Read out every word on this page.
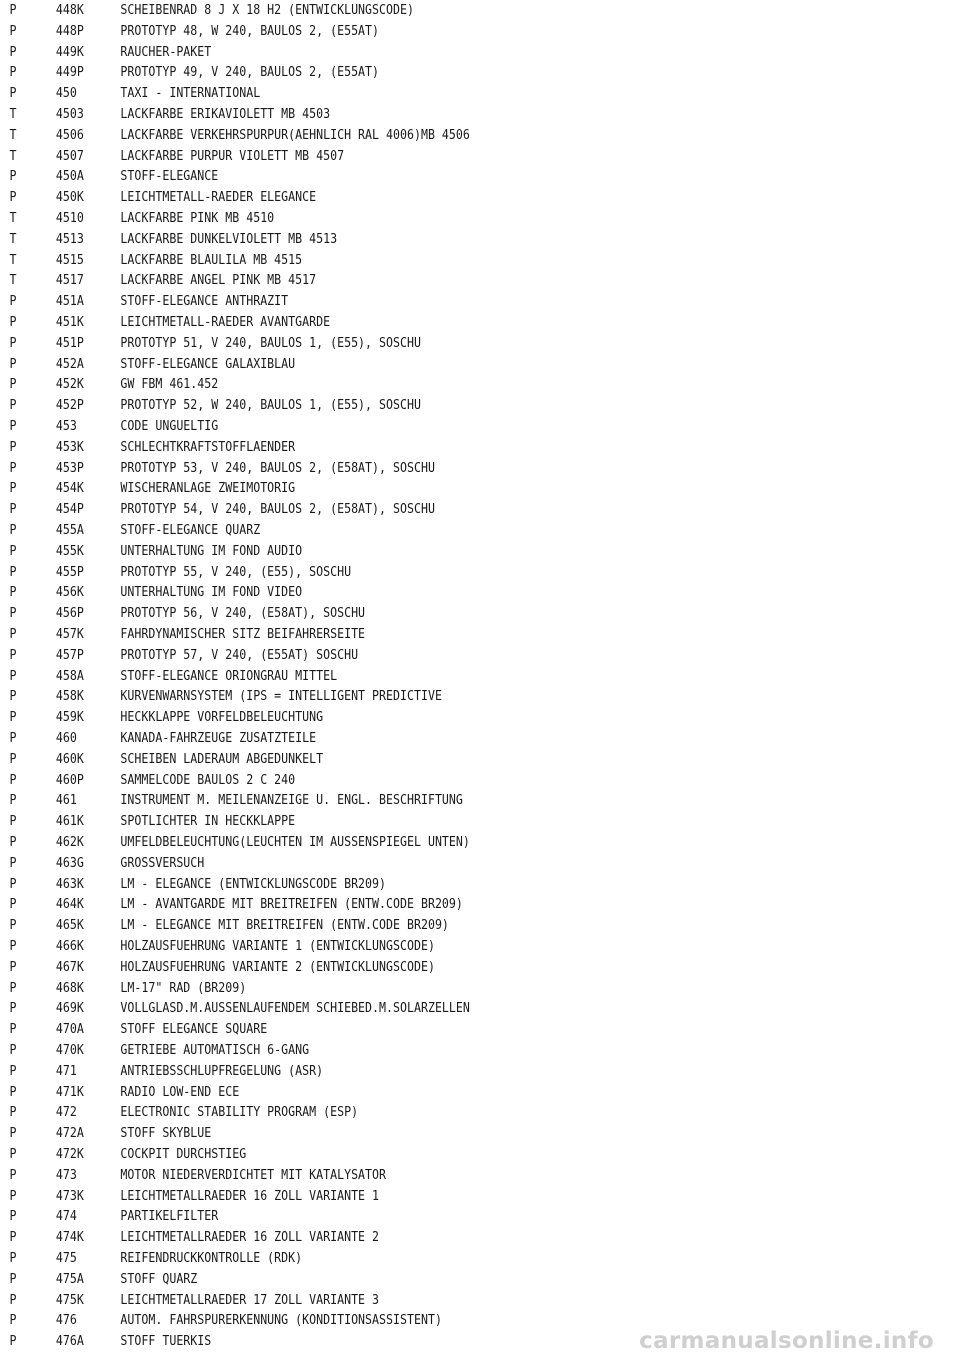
P	448K	SCHEIBENRAD 8 J X 18 H2 (ENTWICKLUNGSCODE)
P	448P	PROTOTYP 48, W 240, BAULOS 2, (E55AT)
P	449K	RAUCHER-PAKET
P	449P	PROTOTYP 49, V 240, BAULOS 2, (E55AT)
P	450	TAXI - INTERNATIONAL
T	4503	LACKFARBE ERIKAVIOLETT MB 4503
T	4506	LACKFARBE VERKEHRSPURPUR(AEHNLICH RAL 4006)MB 4506
T	4507	LACKFARBE PURPUR VIOLETT MB 4507
P	450A	STOFF-ELEGANCE
P	450K	LEICHTMETALL-RAEDER ELEGANCE
T	4510	LACKFARBE PINK MB 4510
T	4513	LACKFARBE DUNKELVIOLETT MB 4513
T	4515	LACKFARBE BLAULILA MB 4515
T	4517	LACKFARBE ANGEL PINK MB 4517
P	451A	STOFF-ELEGANCE ANTHRAZIT
P	451K	LEICHTMETALL-RAEDER AVANTGARDE
P	451P	PROTOTYP 51, V 240, BAULOS 1, (E55), SOSCHU
P	452A	STOFF-ELEGANCE GALAXIBLAU
P	452K	GW FBM 461.452
P	452P	PROTOTYP 52, W 240, BAULOS 1, (E55), SOSCHU
P	453	CODE UNGUELTIG
P	453K	SCHLECHTKRAFTSTOFFLAENDER
P	453P	PROTOTYP 53, V 240, BAULOS 2, (E58AT), SOSCHU
P	454K	WISCHERANLAGE ZWEIMOTORIG
P	454P	PROTOTYP 54, V 240, BAULOS 2, (E58AT), SOSCHU
P	455A	STOFF-ELEGANCE QUARZ
P	455K	UNTERHALTUNG IM FOND AUDIO
P	455P	PROTOTYP 55, V 240, (E55), SOSCHU
P	456K	UNTERHALTUNG IM FOND VIDEO
P	456P	PROTOTYP 56, V 240, (E58AT), SOSCHU
P	457K	FAHRDYNAMISCHER SITZ BEIFAHRERSEITE
P	457P	PROTOTYP 57, V 240, (E55AT) SOSCHU
P	458A	STOFF-ELEGANCE ORIONGRAU MITTEL
P	458K	KURVENWARNSYSTEM (IPS = INTELLIGENT PREDICTIVE
P	459K	HECKKLAPPE VORFELDBELEUCHTUNG
P	460	KANADA-FAHRZEUGE ZUSATZTEILE
P	460K	SCHEIBEN LADERAUM ABGEDUNKELT
P	460P	SAMMELCODE BAULOS 2 C 240
P	461	INSTRUMENT M. MEILENANZEIGE U. ENGL. BESCHRIFTUNG
P	461K	SPOTLICHTER IN HECKKLAPPE
P	462K	UMFELDBELEUCHTUNG(LEUCHTEN IM AUSSENSPIEGEL UNTEN)
P	463G	GROSSVERSUCH
P	463K	LM - ELEGANCE (ENTWICKLUNGSCODE BR209)
P	464K	LM - AVANTGARDE MIT BREITREIFEN (ENTW.CODE BR209)
P	465K	LM - ELEGANCE MIT BREITREIFEN (ENTW.CODE BR209)
P	466K	HOLZAUSFUEHRUNG VARIANTE 1 (ENTWICKLUNGSCODE)
P	467K	HOLZAUSFUEHRUNG VARIANTE 2 (ENTWICKLUNGSCODE)
P	468K	LM-17" RAD (BR209)
P	469K	VOLLGLASD.M.AUSSENLAUFENDEM SCHIEBED.M.SOLARZELLEN
P	470A	STOFF ELEGANCE SQUARE
P	470K	GETRIEBE AUTOMATISCH 6-GANG
P	471	ANTRIEBSSCHLUPFREGELUNG (ASR)
P	471K	RADIO LOW-END ECE
P	472	ELECTRONIC STABILITY PROGRAM (ESP)
P	472A	STOFF SKYBLUE
P	472K	COCKPIT DURCHSTIEG
P	473	MOTOR NIEDERVERDICHTET MIT KATALYSATOR
P	473K	LEICHTMETALLRAEDER 16 ZOLL VARIANTE 1
P	474	PARTIKELFILTER
P	474K	LEICHTMETALLRAEDER 16 ZOLL VARIANTE 2
P	475	REIFENDRUCKKONTROLLE (RDK)
P	475A	STOFF QUARZ
P	475K	LEICHTMETALLRAEDER 17 ZOLL VARIANTE 3
P	476	AUTOM. FAHRSPURERKENNUNG (KONDITIONSASSISTENT)
P	476A	STOFF TUERKIS	carmanualsonline.info
